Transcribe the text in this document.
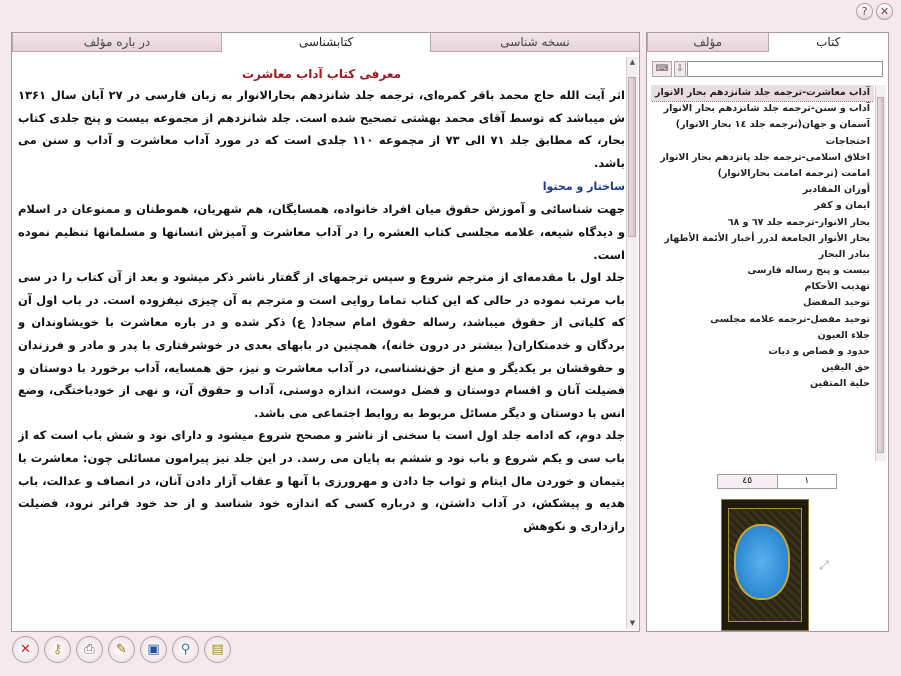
?	✕
نسخه شناسی
کتابشناسی
در باره مؤلف
معرفی کتاب آداب معاشرت

اثر آیت الله حاج محمد باقر کمره‌ای، ترجمه جلد شانزدهم بحارالانوار به زبان فارسی در ۲۷ آبان سال ۱۳۶۱ ش میباشد که توسط آقای محمد بهشتی تصحیح شده است. جلد شانزدهم از مجموعه بیست و پنج جلدی کتاب بحار، که مطابق جلد ۷۱ الی ۷۳ از مجموعه ۱۱۰ جلدی است که در مورد آداب معاشرت و آداب و سنن می باشد.

ساختار و محتوا

جهت شناسائی و آموزش حقوق میان افراد خانواده، همسایگان، هم شهریان، هموطنان و ممنوعان در اسلام و دیدگاه شیعه، علامه مجلسی کتاب العشره را در آداب معاشرت و آمیزش انسانها و مسلمانها تنظیم نموده است.

جلد اول با مقدمه‌ای از مترجم شروع و سپس ترجمهای از گفتار ناشر ذکر میشود و بعد از آن کتاب را در سی باب مرتب نموده در حالی که این کتاب تماما روایی است و مترجم به آن چیزی نیفزوده است. در باب اول آن که کلیاتی از حقوق میباشد، رساله حقوق امام سجاد( ع) ذکر شده و در باره معاشرت با خویشاوندان و بردگان و خدمتکاران( بیشتر در درون خانه)، همچنین در بابهای بعدی در خوشرفتاری با پدر و مادر و فرزندان و حقوقشان بر یکدیگر و منع از حق‌نشناسی، در آداب معاشرت و نیز، حق همسایه، آداب برخورد با دوستان و فضیلت آنان و اقسام دوستان و فضل دوست، اندازه دوستی، آداب و حقوق آن، و نهی از خودباختگی، وضع انس با دوستان و دیگر مسائل مربوط به روابط اجتماعی می باشد.

جلد دوم، که ادامه جلد اول است با سخنی از ناشر و مصحح شروع میشود و دارای نود و شش باب است که از باب سی و یکم شروع و باب نود و ششم به پایان می رسد. در این جلد نیز پیرامون مسائلی چون: معاشرت با یتیمان و خوردن مال ایتام و ثواب جا دادن و مهرورزی با آنها و عقاب آزار دادن آنان، در انصاف و عدالت، باب هدیه و پیشکش، در آداب داشتن، و درباره کسی که اندازه خود شناسد و از حد خود فراتر نرود، فضیلت رازداری و نکوهش

▲
▼
کتاب
مؤلف
⌨ ⇩
آداب معاشرت-ترجمه جلد شانزدهم بحار الانوار
آداب و سنن-ترجمه جلد شانزدهم بحار الانوار
آسمان و جهان(ترجمه جلد ١٤ بحار الانوار)
احتجاجات
اخلاق اسلامی-ترجمه جلد پانزدهم بحار الانوار
امامت (ترجمه امامت بحارالانوار)
أوزان المقادير
ایمان و کفر
بحار الانوار-ترجمه جلد ٦٧ و ٦٨
بحار الأنوار الجامعة لدرر أخبار الأئمة الأطهار
بنادر البحار
بیست و پنج رساله فارسی
تهذيب الأحكام
توحيد المفضل
توحید مفضل-ترجمه علامه مجلسی
جلاء العيون
حدود و قصاص و دیات
حق اليقين
حلية المتقين
٤٥	١
⤢
✕	⚷	⎙	✎	▣	⚲	▤
